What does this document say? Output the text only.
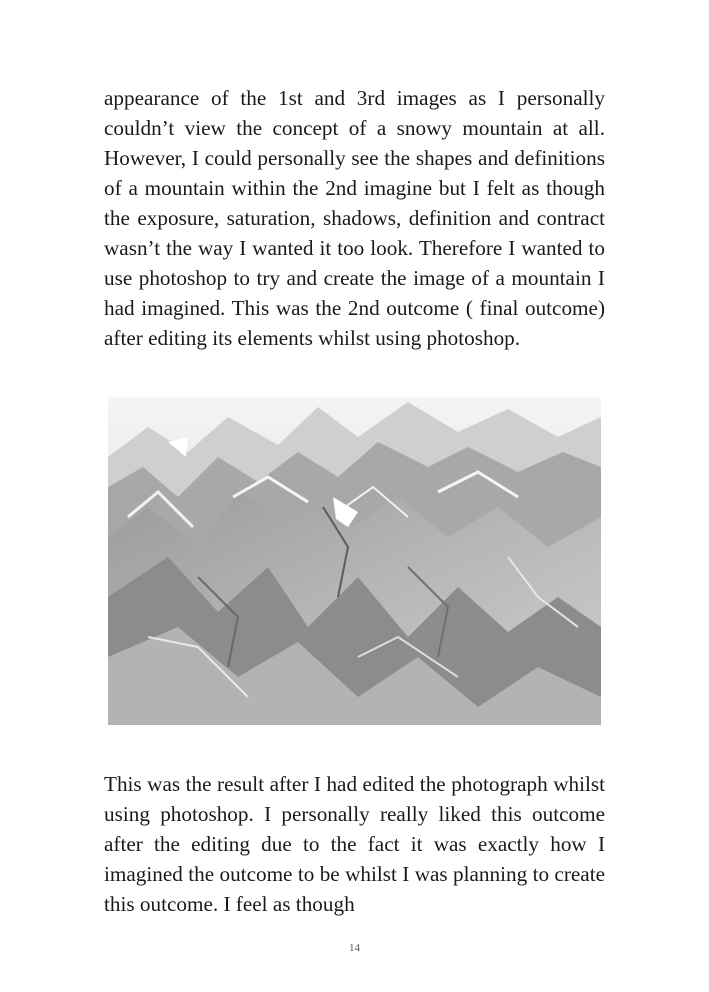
appearance of the 1st and 3rd images as I personally couldn’t view the concept of a snowy mountain at all. However, I could personally see the shapes and definitions of a mountain within the 2nd imagine but I felt as though the exposure, saturation, shadows, definition and contract wasn’t the way I wanted it too look. Therefore I wanted to use photoshop to try and create the image of a mountain I had imagined. This was the 2nd outcome ( final outcome) after editing its elements whilst using photoshop.

This was the result after I had edited the photograph whilst using photoshop. I personally really liked this outcome after the editing due to the fact it was exactly how I imagined the outcome to be whilst I was planning to create this outcome. I feel as though

14
